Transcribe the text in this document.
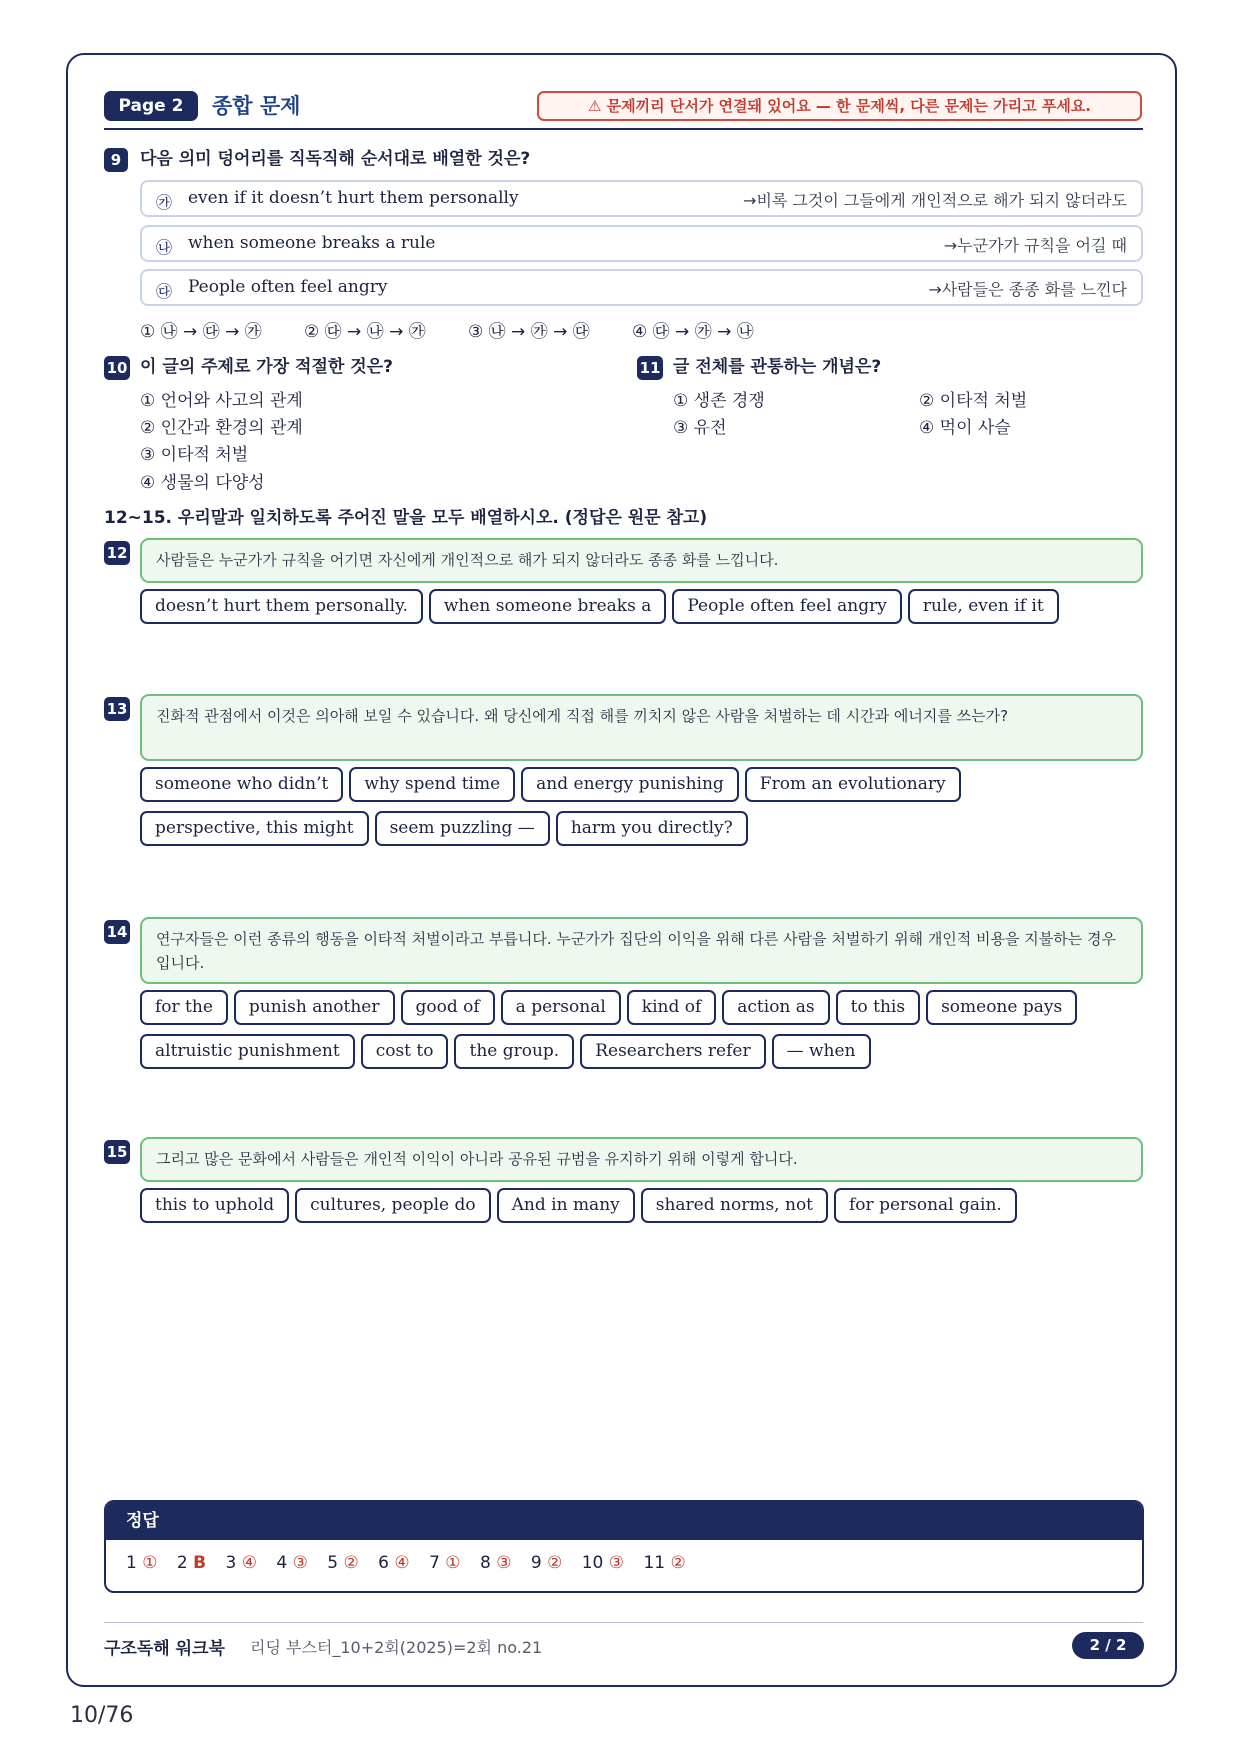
Page 2	종합 문제	⚠ 문제끼리 단서가 연결돼 있어요 — 한 문제씩, 다른 문제는 가리고 푸세요.
9	다음 의미 덩어리를 직독직해 순서대로 배열한 것은?
㉮ even if it doesn’t hurt them personally	→비록 그것이 그들에게 개인적으로 해가 되지 않더라도
㉯ when someone breaks a rule	→누군가가 규칙을 어길 때
㉰ People often feel angry	→사람들은 종종 화를 느낀다
① ㉯ → ㉰ → ㉮ ② ㉰ → ㉯ → ㉮ ③ ㉯ → ㉮ → ㉰ ④ ㉰ → ㉮ → ㉯
10 이 글의 주제로 가장 적절한 것은?
① 언어와 사고의 관계
② 인간과 환경의 관계
③ 이타적 처벌
④ 생물의 다양성
11 글 전체를 관통하는 개념은?
① 생존 경쟁	② 이타적 처벌
③ 유전	④ 먹이 사슬
12~15. 우리말과 일치하도록 주어진 말을 모두 배열하시오. (정답은 원문 참고)
12	사람들은 누군가가 규칙을 어기면 자신에게 개인적으로 해가 되지 않더라도 종종 화를 느낍니다.
doesn’t hurt them personally.	when someone breaks a	People often feel angry	rule, even if it
13	진화적 관점에서 이것은 의아해 보일 수 있습니다. 왜 당신에게 직접 해를 끼치지 않은 사람을 처벌하는 데 시간과 에너지를 쓰는가?
someone who didn’t	why spend time	and energy punishing	From an evolutionary
perspective, this might	seem puzzling —	harm you directly?
14	연구자들은 이런 종류의 행동을 이타적 처벌이라고 부릅니다. 누군가가 집단의 이익을 위해 다른 사람을 처벌하기 위해 개인적 비용을 지불하는 경우입니다.
for the	punish another	good of	a personal	kind of	action as	to this	someone pays
altruistic punishment	cost to	the group.	Researchers refer	— when
15	그리고 많은 문화에서 사람들은 개인적 이익이 아니라 공유된 규범을 유지하기 위해 이렇게 합니다.
this to uphold	cultures, people do	And in many	shared norms, not	for personal gain.
정답
1 ① 2 B 3 ④ 4 ③ 5 ② 6 ④ 7 ① 8 ③ 9 ② 10 ③ 11 ②
구조독해 워크북 리딩 부스터_10+2회(2025)=2회 no.21	2 / 2
10/76
